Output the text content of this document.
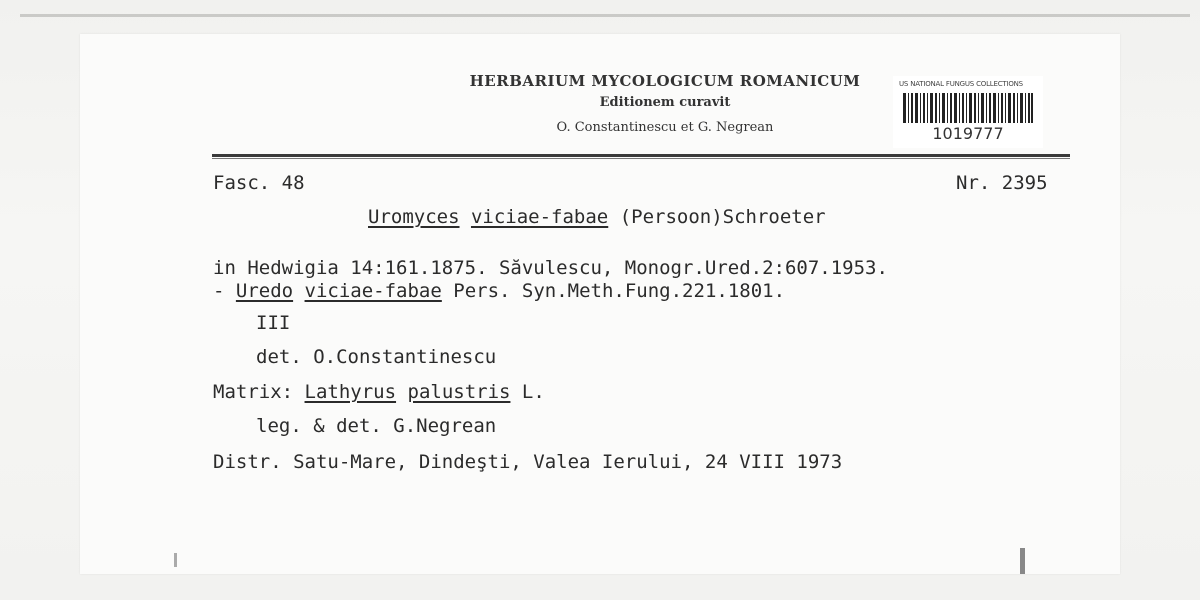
HERBARIUM MYCOLOGICUM ROMANICUM
Editionem curavit
O. Constantinescu et G. Negrean
US NATIONAL FUNGUS COLLECTIONS
1019777
Fasc. 48	Nr. 2395
Uromyces viciae-fabae (Persoon)Schroeter
in Hedwigia 14:161.1875. Săvulescu, Monogr.Ured.2:607.1953.
- Uredo viciae-fabae Pers. Syn.Meth.Fung.221.1801.
III
det. O.Constantinescu
Matrix: Lathyrus palustris L.
leg. & det. G.Negrean
Distr. Satu-Mare, Dindeşti, Valea Ierului, 24 VIII 1973
